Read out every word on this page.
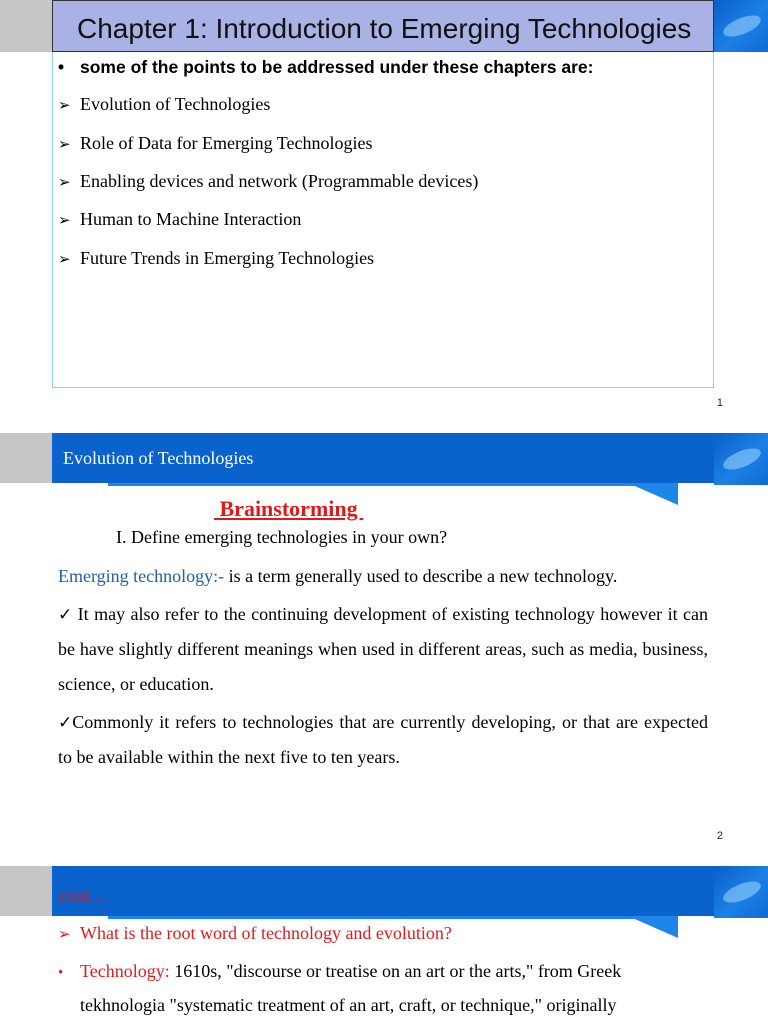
Chapter 1: Introduction to Emerging Technologies
• some of the points to be addressed under these chapters are:
➢ Evolution of Technologies
➢ Role of Data for Emerging Technologies
➢ Enabling devices and network (Programmable devices)
➢ Human to Machine Interaction
➢ Future Trends in Emerging Technologies
1
Evolution of Technologies
Brainstorming
I. Define emerging technologies in your own?
Emerging technology:- is a term generally used to describe a new technology.
✓ It may also refer to the continuing development of existing technology however it can be have slightly different meanings when used in different areas, such as media, business, science, or education.
✓Commonly it refers to technologies that are currently developing, or that are expected to be available within the next five to ten years.
2
cont…
➢ What is the root word of technology and evolution?
• Technology: 1610s, "discourse or treatise on an art or the arts," from Greek
tekhnologia "systematic treatment of an art, craft, or technique," originally
